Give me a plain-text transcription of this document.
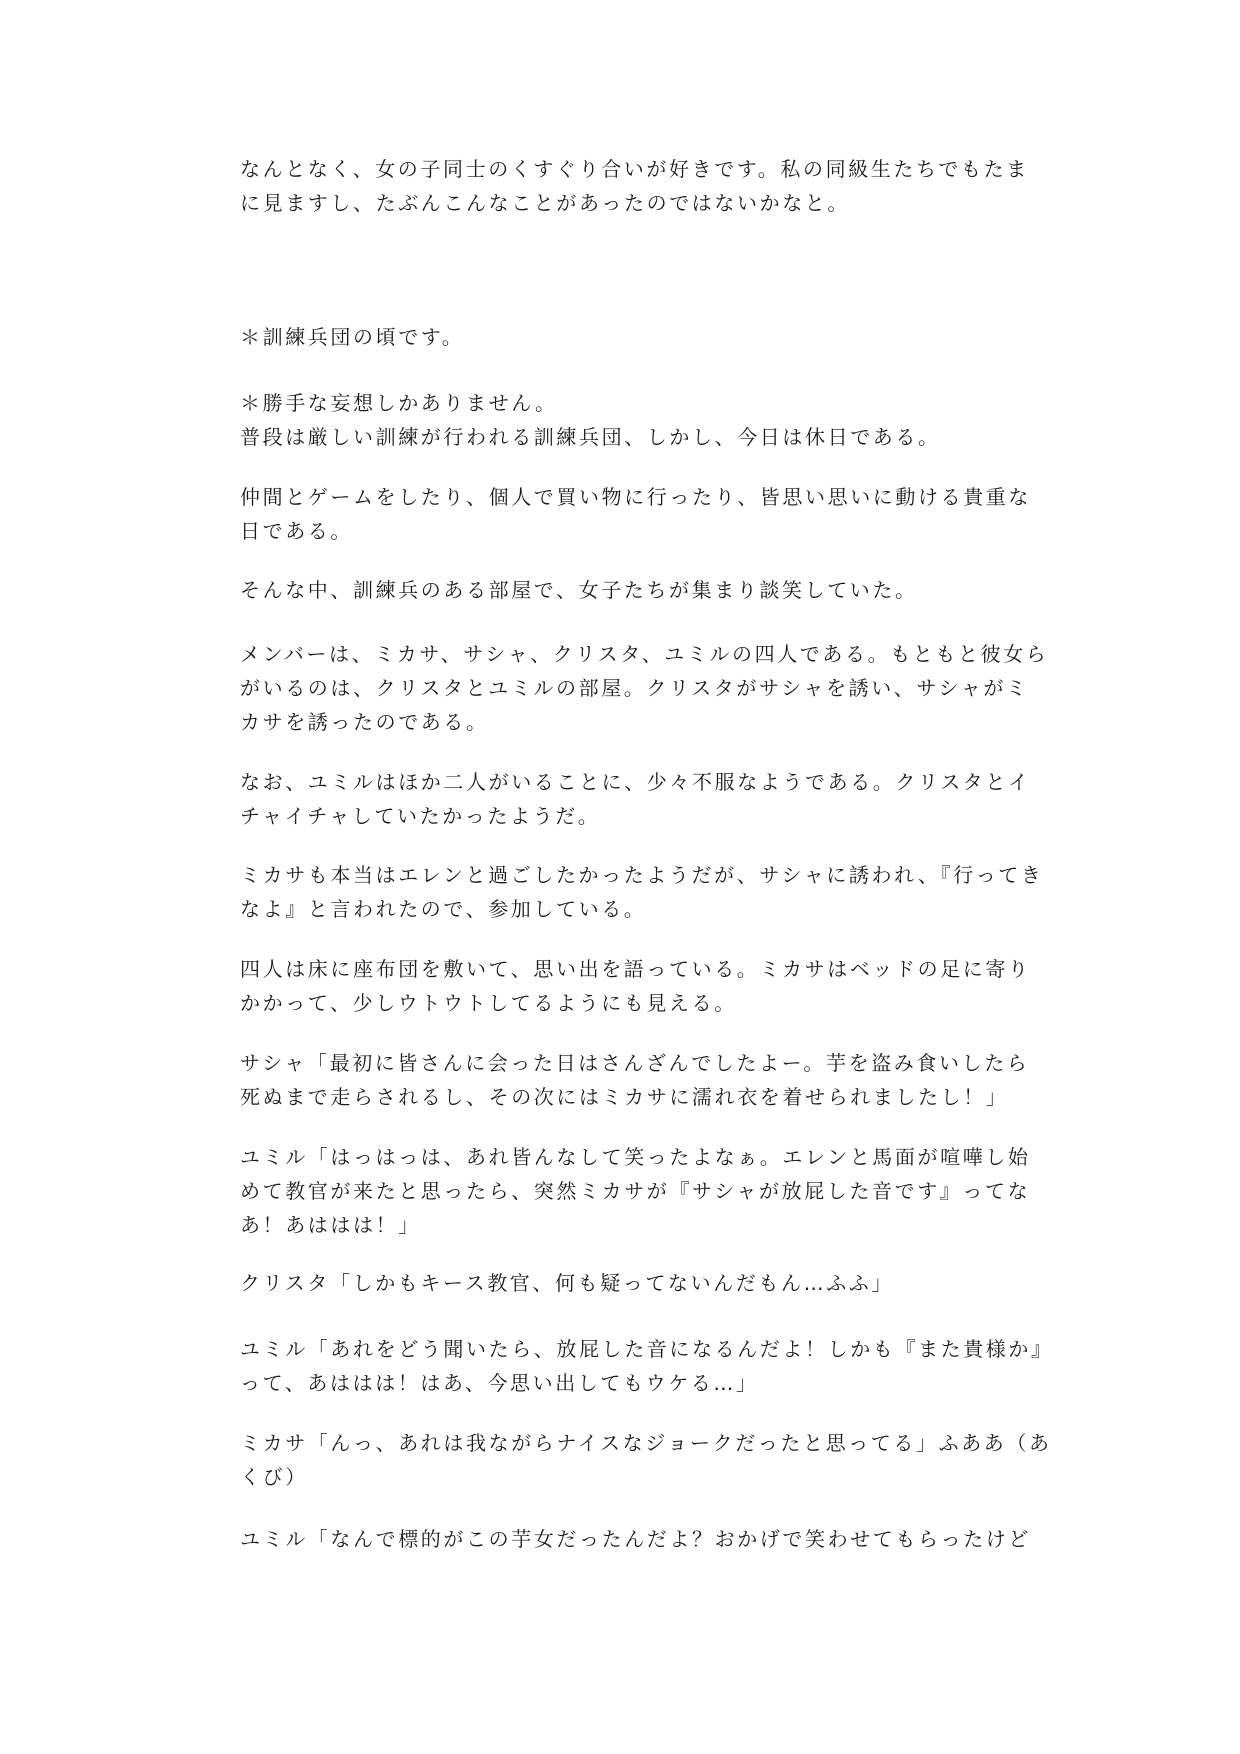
なんとなく、女の子同士のくすぐり合いが好きです。私の同級生たちでもたま
に見ますし、たぶんこんなことがあったのではないかなと。
＊訓練兵団の頃です。
＊勝手な妄想しかありません。
普段は厳しい訓練が行われる訓練兵団、しかし、今日は休日である。
仲間とゲームをしたり、個人で買い物に行ったり、皆思い思いに動ける貴重な
日である。
そんな中、訓練兵のある部屋で、女子たちが集まり談笑していた。
メンバーは、ミカサ、サシャ、クリスタ、ユミルの四人である。もともと彼女ら
がいるのは、クリスタとユミルの部屋。クリスタがサシャを誘い、サシャがミ
カサを誘ったのである。
なお、ユミルはほか二人がいることに、少々不服なようである。クリスタとイ
チャイチャしていたかったようだ。
ミカサも本当はエレンと過ごしたかったようだが、サシャに誘われ、『行ってき
なよ』と言われたので、参加している。
四人は床に座布団を敷いて、思い出を語っている。ミカサはベッドの足に寄り
かかって、少しウトウトしてるようにも見える。
サシャ「最初に皆さんに会った日はさんざんでしたよー。芋を盗み食いしたら
死ぬまで走らされるし、その次にはミカサに濡れ衣を着せられましたし！」
ユミル「はっはっは、あれ皆んなして笑ったよなぁ。エレンと馬面が喧嘩し始
めて教官が来たと思ったら、突然ミカサが『サシャが放屁した音です』ってな
あ！あははは！」
クリスタ「しかもキース教官、何も疑ってないんだもん…ふふ」
ユミル「あれをどう聞いたら、放屁した音になるんだよ！しかも『また貴様か』
って、あははは！はあ、今思い出してもウケる…」
ミカサ「んっ、あれは我ながらナイスなジョークだったと思ってる」ふああ（あ
くび）
ユミル「なんで標的がこの芋女だったんだよ？おかげで笑わせてもらったけど
